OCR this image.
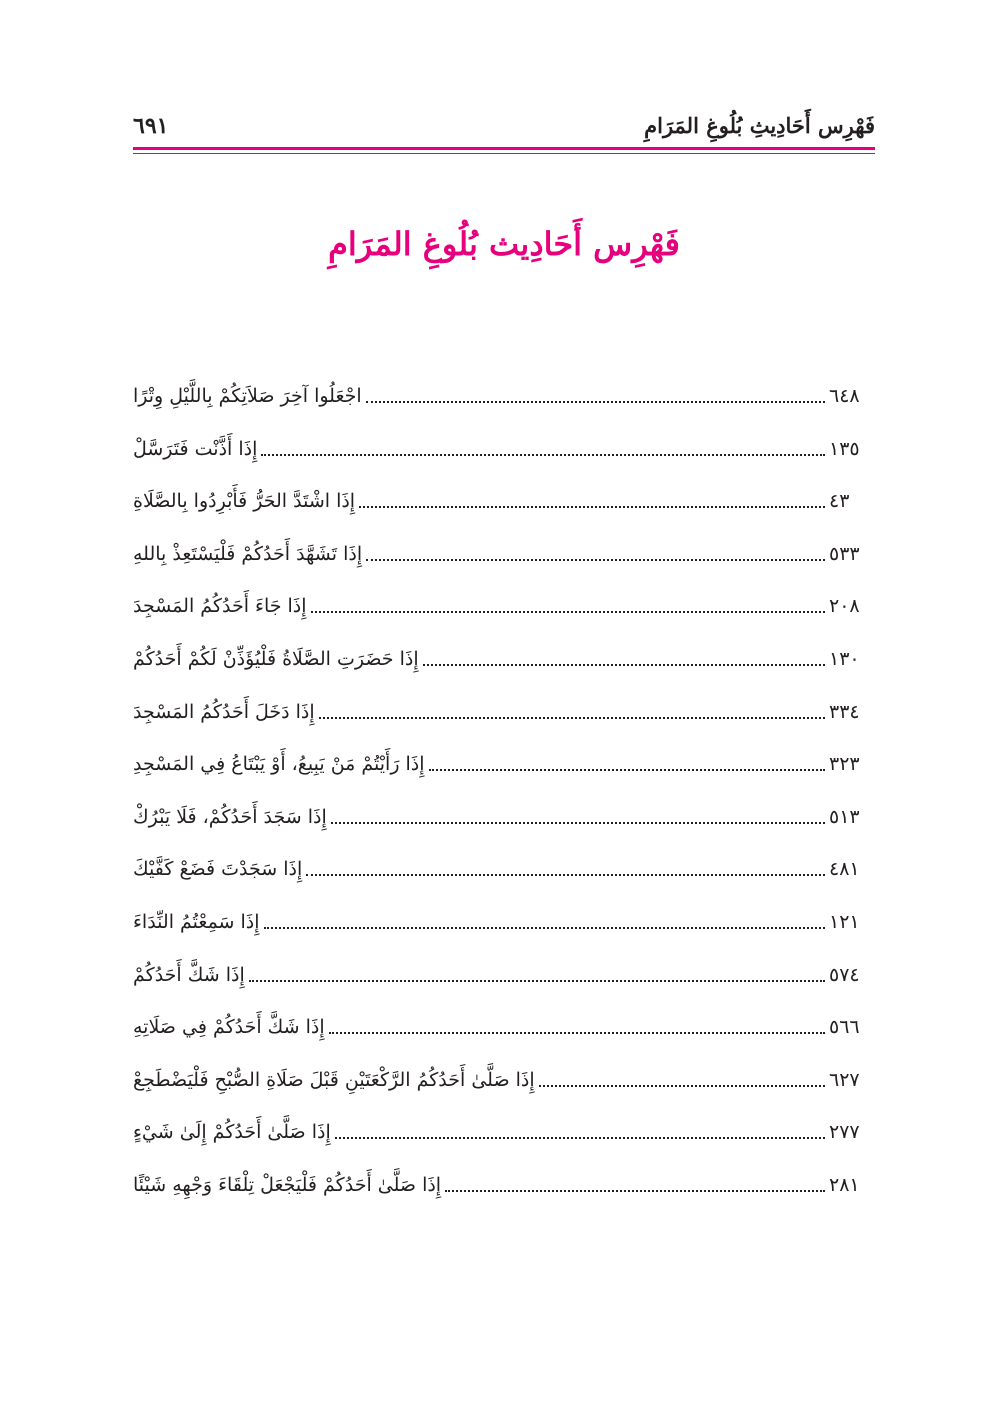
فَهْرِس أَحَادِيثِ بُلُوغِ المَرَامِ
٦٩١
فَهْرِس أَحَادِيث بُلُوغِ المَرَامِ
اجْعَلُوا آخِرَ صَلاَتِكُمْ بِاللَّيْلِ وِتْرًا	٦٤٨
إِذَا أَذَّنْت فَتَرَسَّلْ	١٣٥
إِذَا اشْتَدَّ الحَرُّ فَأَبْرِدُوا بِالصَّلَاةِ	٤٣
إِذَا تَشَهَّدَ أَحَدُكُمْ فَلْيَسْتَعِذْ بِاللهِ	٥٣٣
إِذَا جَاءَ أَحَدُكُمُ المَسْجِدَ	٢٠٨
إِذَا حَضَرَتِ الصَّلَاةُ فَلْيُؤَذِّنْ لَكُمْ أَحَدُكُمْ	١٣٠
إِذَا دَخَلَ أَحَدُكُمُ المَسْجِدَ	٣٣٤
إِذَا رَأَيْتُمْ مَنْ يَبِيعُ، أَوْ يَبْتَاعُ فِي المَسْجِدِ	٣٢٣
إِذَا سَجَدَ أَحَدُكُمْ، فَلَا يَبْرُكْ	٥١٣
إِذَا سَجَدْتَ فَضَعْ كَفَّيْكَ	٤٨١
إِذَا سَمِعْتُمُ النِّدَاءَ	١٢١
إِذَا شَكَّ أَحَدُكُمْ	٥٧٤
إِذَا شَكَّ أَحَدُكُمْ فِي صَلَاتِهِ	٥٦٦
إِذَا صَلَّىٰ أَحَدُكُمُ الرَّكْعَتَيْنِ قَبْلَ صَلَاةِ الصُّبْحِ فَلْيَضْطَجِعْ	٦٢٧
إِذَا صَلَّىٰ أَحَدُكُمْ إِلَىٰ شَيْءٍ	٢٧٧
إِذَا صَلَّىٰ أَحَدُكُمْ فَلْيَجْعَلْ تِلْقَاءَ وَجْهِهِ شَيْئًا	٢٨١
